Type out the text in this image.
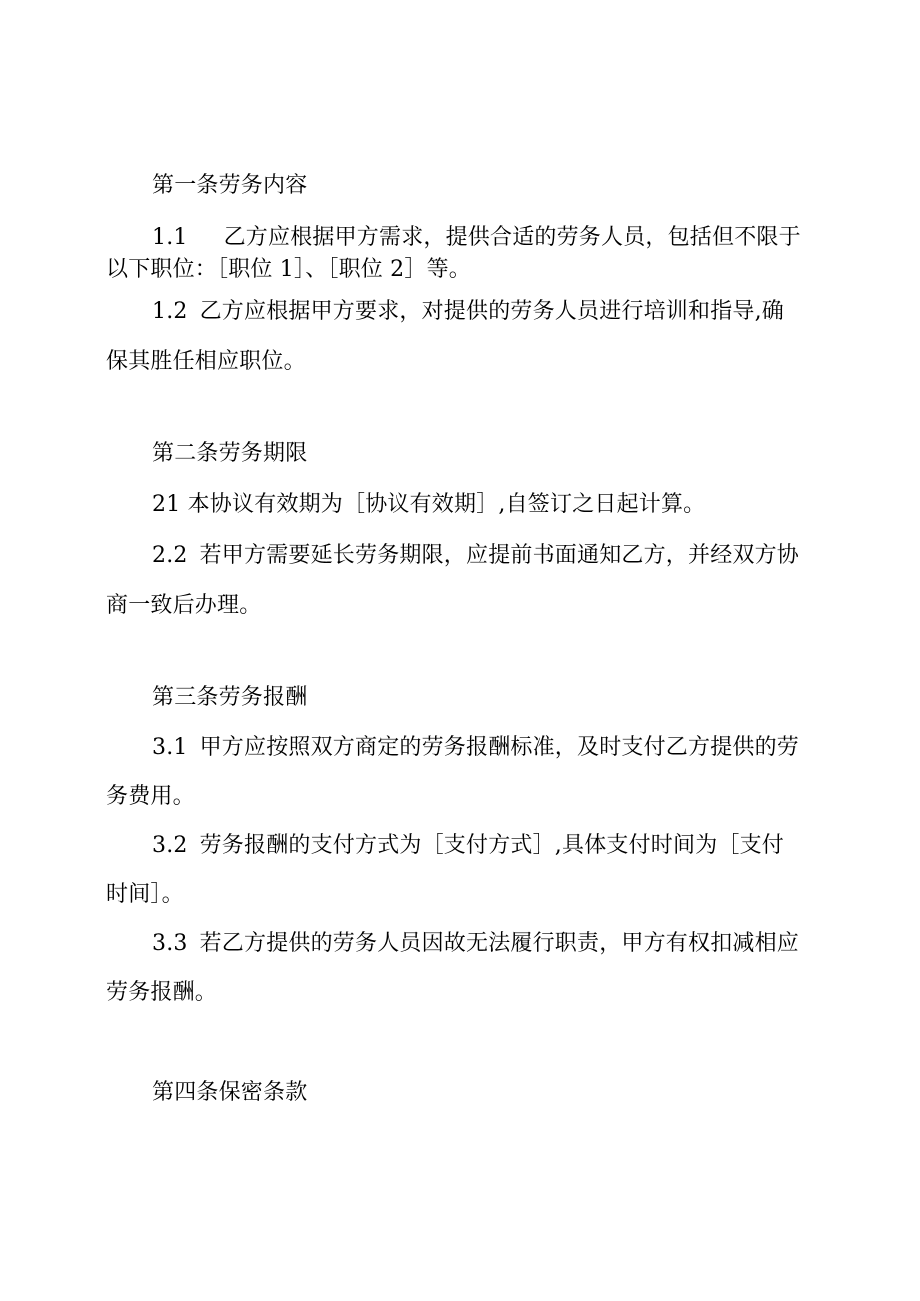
第一条劳务内容

1.1 乙方应根据甲方需求，提供合适的劳务人员，包括但不限于

以下职位：［职位 1］、［职位 2］等。

1.2 乙方应根据甲方要求，对提供的劳务人员进行培训和指导,确

保其胜任相应职位。

第二条劳务期限

21 本协议有效期为［协议有效期］,自签订之日起计算。

2.2 若甲方需要延长劳务期限，应提前书面通知乙方，并经双方协

商一致后办理。

第三条劳务报酬

3.1 甲方应按照双方商定的劳务报酬标准，及时支付乙方提供的劳

务费用。

3.2 劳务报酬的支付方式为［支付方式］,具体支付时间为［支付

时间］。

3.3 若乙方提供的劳务人员因故无法履行职责，甲方有权扣减相应

劳务报酬。

第四条保密条款
